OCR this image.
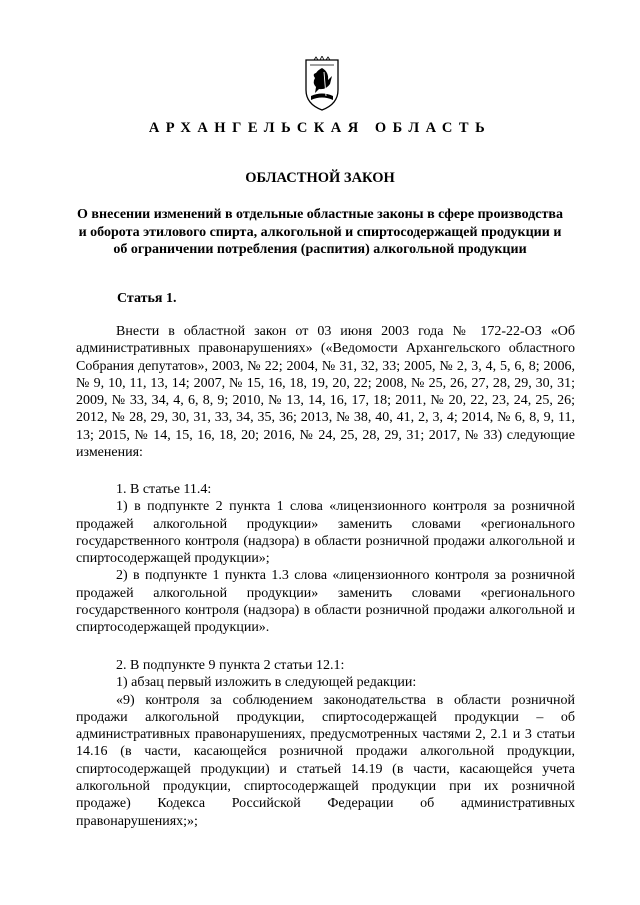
АРХАНГЕЛЬСКАЯ ОБЛАСТЬ
ОБЛАСТНОЙ ЗАКОН
О внесении изменений в отдельные областные законы в сфере производства и оборота этилового спирта, алкогольной и спиртосодержащей продукции и об ограничении потребления (распития) алкогольной продукции
Статья 1.

Внести в областной закон от 03 июня 2003 года № 172-22-ОЗ «Об административных правонарушениях» («Ведомости Архангельского областного Собрания депутатов», 2003, № 22; 2004, № 31, 32, 33; 2005, № 2, 3, 4, 5, 6, 8; 2006, № 9, 10, 11, 13, 14; 2007, № 15, 16, 18, 19, 20, 22; 2008, № 25, 26, 27, 28, 29, 30, 31; 2009, № 33, 34, 4, 6, 8, 9; 2010, № 13, 14, 16, 17, 18; 2011, № 20, 22, 23, 24, 25, 26; 2012, № 28, 29, 30, 31, 33, 34, 35, 36; 2013, № 38, 40, 41, 2, 3, 4; 2014, № 6, 8, 9, 11, 13; 2015, № 14, 15, 16, 18, 20; 2016, № 24, 25, 28, 29, 31; 2017, № 33) следующие изменения:

1. В статье 11.4:

1) в подпункте 2 пункта 1 слова «лицензионного контроля за розничной продажей алкогольной продукции» заменить словами «регионального государственного контроля (надзора) в области розничной продажи алкогольной и спиртосодержащей продукции»;

2) в подпункте 1 пункта 1.3 слова «лицензионного контроля за розничной продажей алкогольной продукции» заменить словами «регионального государственного контроля (надзора) в области розничной продажи алкогольной и спиртосодержащей продукции».

2. В подпункте 9 пункта 2 статьи 12.1:

1) абзац первый изложить в следующей редакции:

«9) контроля за соблюдением законодательства в области розничной продажи алкогольной продукции, спиртосодержащей продукции – об административных правонарушениях, предусмотренных частями 2, 2.1 и 3 статьи 14.16 (в части, касающейся розничной продажи алкогольной продукции, спиртосодержащей продукции) и статьей 14.19 (в части, касающейся учета алкогольной продукции, спиртосодержащей продукции при их розничной продаже) Кодекса Российской Федерации об административных правонарушениях;»;
